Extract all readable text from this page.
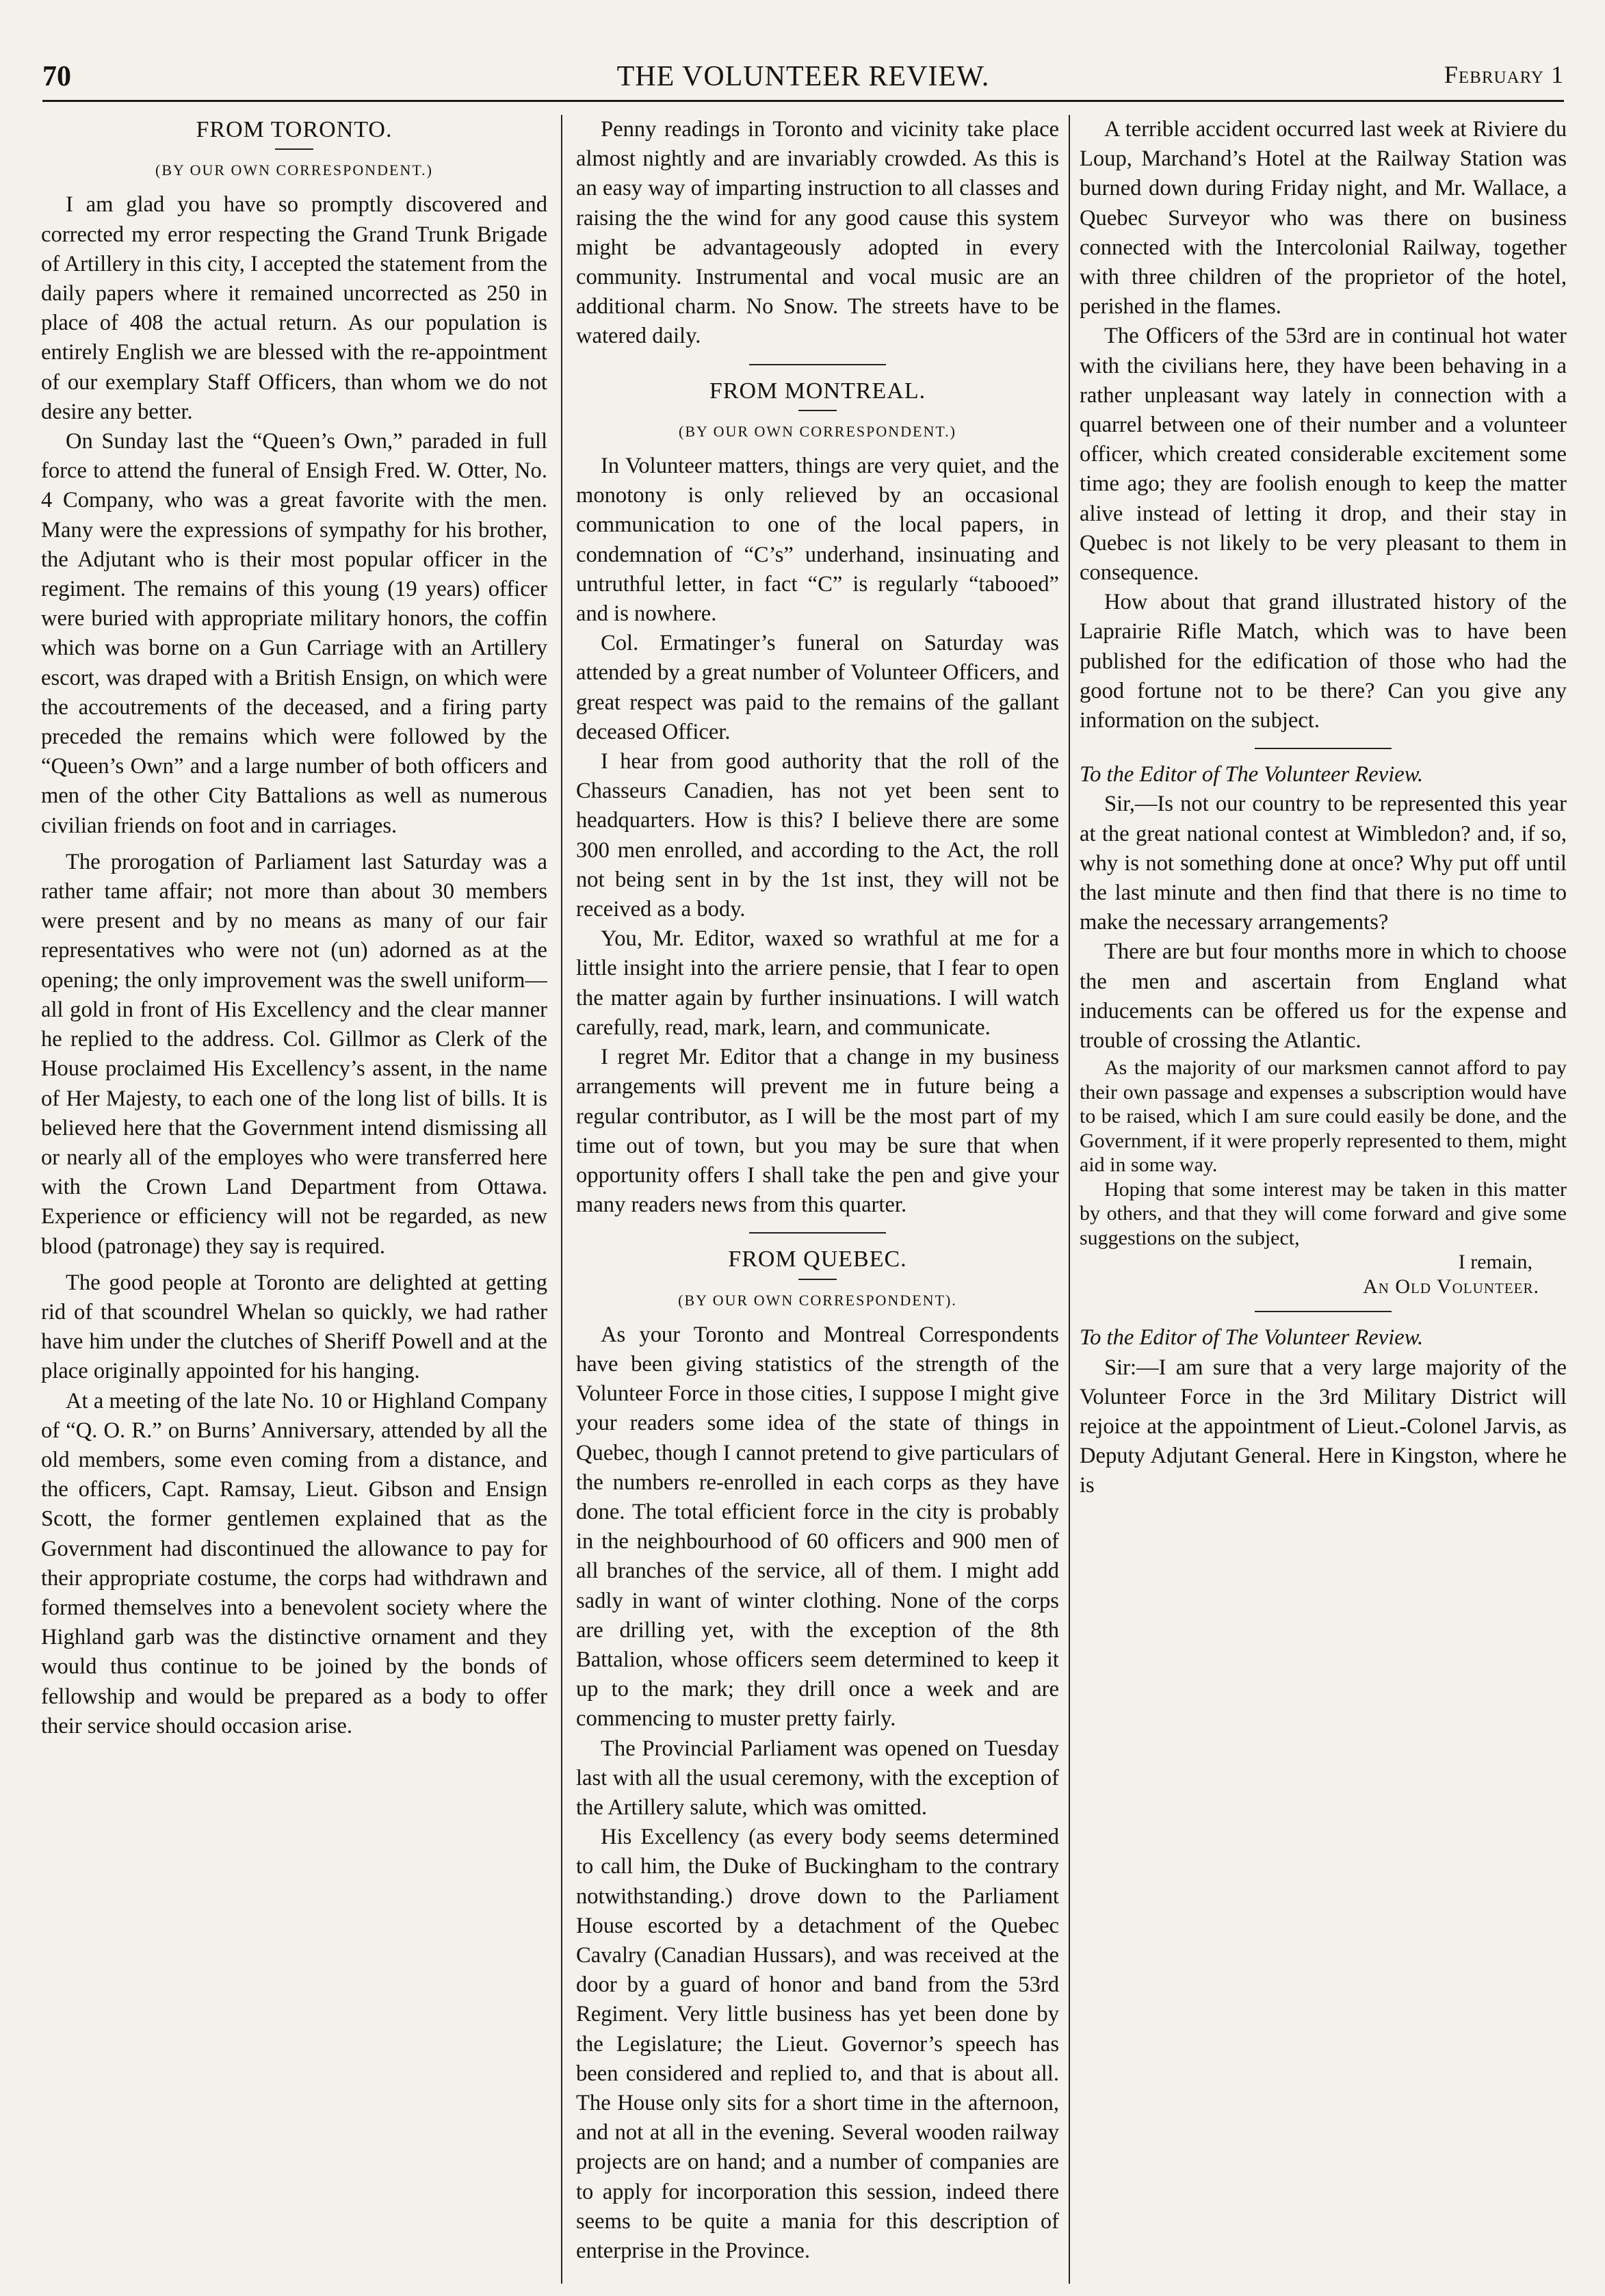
70	THE VOLUNTEER REVIEW.	February 1
FROM TORONTO.
(BY OUR OWN CORRESPONDENT.)

I am glad you have so promptly discovered and corrected my error respecting the Grand Trunk Brigade of Artillery in this city, I accepted the statement from the daily papers where it remained uncorrected as 250 in place of 408 the actual return. As our population is entirely English we are blessed with the re-appointment of our exemplary Staff Officers, than whom we do not desire any better.

On Sunday last the “Queen’s Own,” paraded in full force to attend the funeral of Ensigh Fred. W. Otter, No. 4 Company, who was a great favorite with the men. Many were the expressions of sympathy for his brother, the Adjutant who is their most popular officer in the regiment. The remains of this young (19 years) officer were buried with appropriate military honors, the coffin which was borne on a Gun Carriage with an Artillery escort, was draped with a British Ensign, on which were the accoutrements of the deceased, and a firing party preceded the remains which were followed by the “Queen’s Own” and a large number of both officers and men of the other City Battalions as well as numerous civilian friends on foot and in carriages.

The prorogation of Parliament last Saturday was a rather tame affair; not more than about 30 members were present and by no means as many of our fair representatives who were not (un) adorned as at the opening; the only improvement was the swell uniform—all gold in front of His Excellency and the clear manner he replied to the address. Col. Gillmor as Clerk of the House proclaimed His Excellency’s assent, in the name of Her Majesty, to each one of the long list of bills. It is believed here that the Government intend dismissing all or nearly all of the employes who were transferred here with the Crown Land Department from Ottawa. Experience or efficiency will not be regarded, as new blood (patronage) they say is required.

The good people at Toronto are delighted at getting rid of that scoundrel Whelan so quickly, we had rather have him under the clutches of Sheriff Powell and at the place originally appointed for his hanging.

At a meeting of the late No. 10 or Highland Company of “Q. O. R.” on Burns’ Anniversary, attended by all the old members, some even coming from a distance, and the officers, Capt. Ramsay, Lieut. Gibson and Ensign Scott, the former gentlemen explained that as the Government had discontinued the allowance to pay for their appropriate costume, the corps had withdrawn and formed themselves into a benevolent society where the Highland garb was the distinctive ornament and they would thus continue to be joined by the bonds of fellowship and would be prepared as a body to offer their service should occasion arise.

Penny readings in Toronto and vicinity take place almost nightly and are invariably crowded. As this is an easy way of imparting instruction to all classes and raising the the wind for any good cause this system might be advantageously adopted in every community. Instrumental and vocal music are an additional charm. No Snow. The streets have to be watered daily.

FROM MONTREAL.
(BY OUR OWN CORRESPONDENT.)

In Volunteer matters, things are very quiet, and the monotony is only relieved by an occasional communication to one of the local papers, in condemnation of “C’s” underhand, insinuating and untruthful letter, in fact “C” is regularly “tabooed” and is nowhere.

Col. Ermatinger’s funeral on Saturday was attended by a great number of Volunteer Officers, and great respect was paid to the remains of the gallant deceased Officer.

I hear from good authority that the roll of the Chasseurs Canadien, has not yet been sent to headquarters. How is this? I believe there are some 300 men enrolled, and according to the Act, the roll not being sent in by the 1st inst, they will not be received as a body.

You, Mr. Editor, waxed so wrathful at me for a little insight into the arriere pensie, that I fear to open the matter again by further insinuations. I will watch carefully, read, mark, learn, and communicate.

I regret Mr. Editor that a change in my business arrangements will prevent me in future being a regular contributor, as I will be the most part of my time out of town, but you may be sure that when opportunity offers I shall take the pen and give your many readers news from this quarter.

FROM QUEBEC.
(BY OUR OWN CORRESPONDENT).

As your Toronto and Montreal Correspondents have been giving statistics of the strength of the Volunteer Force in those cities, I suppose I might give your readers some idea of the state of things in Quebec, though I cannot pretend to give particulars of the numbers re-enrolled in each corps as they have done. The total efficient force in the city is probably in the neighbourhood of 60 officers and 900 men of all branches of the service, all of them. I might add sadly in want of winter clothing. None of the corps are drilling yet, with the exception of the 8th Battalion, whose officers seem determined to keep it up to the mark; they drill once a week and are commencing to muster pretty fairly.

The Provincial Parliament was opened on Tuesday last with all the usual ceremony, with the exception of the Artillery salute, which was omitted.

His Excellency (as every body seems determined to call him, the Duke of Buckingham to the contrary notwithstanding.) drove down to the Parliament House escorted by a detachment of the Quebec Cavalry (Canadian Hussars), and was received at the door by a guard of honor and band from the 53rd Regiment. Very little business has yet been done by the Legislature; the Lieut. Governor’s speech has been considered and replied to, and that is about all. The House only sits for a short time in the afternoon, and not at all in the evening. Several wooden railway projects are on hand; and a number of companies are to apply for incorporation this session, indeed there seems to be quite a mania for this description of enterprise in the Province.

A terrible accident occurred last week at Riviere du Loup, Marchand’s Hotel at the Railway Station was burned down during Friday night, and Mr. Wallace, a Quebec Surveyor who was there on business connected with the Intercolonial Railway, together with three children of the proprietor of the hotel, perished in the flames.

The Officers of the 53rd are in continual hot water with the civilians here, they have been behaving in a rather unpleasant way lately in connection with a quarrel between one of their number and a volunteer officer, which created considerable excitement some time ago; they are foolish enough to keep the matter alive instead of letting it drop, and their stay in Quebec is not likely to be very pleasant to them in consequence.

How about that grand illustrated history of the Laprairie Rifle Match, which was to have been published for the edification of those who had the good fortune not to be there? Can you give any information on the subject.

To the Editor of The Volunteer Review.

Sir,—Is not our country to be represented this year at the great national contest at Wimbledon? and, if so, why is not something done at once? Why put off until the last minute and then find that there is no time to make the necessary arrangements?

There are but four months more in which to choose the men and ascertain from England what inducements can be offered us for the expense and trouble of crossing the Atlantic.

As the majority of our marksmen cannot afford to pay their own passage and expenses a subscription would have to be raised, which I am sure could easily be done, and the Government, if it were properly represented to them, might aid in some way.

Hoping that some interest may be taken in this matter by others, and that they will come forward and give some suggestions on the subject,

I remain,

An Old Volunteer.

To the Editor of The Volunteer Review.

Sir:—I am sure that a very large majority of the Volunteer Force in the 3rd Military District will rejoice at the appointment of Lieut.-Colonel Jarvis, as Deputy Adjutant General. Here in Kingston, where he is
